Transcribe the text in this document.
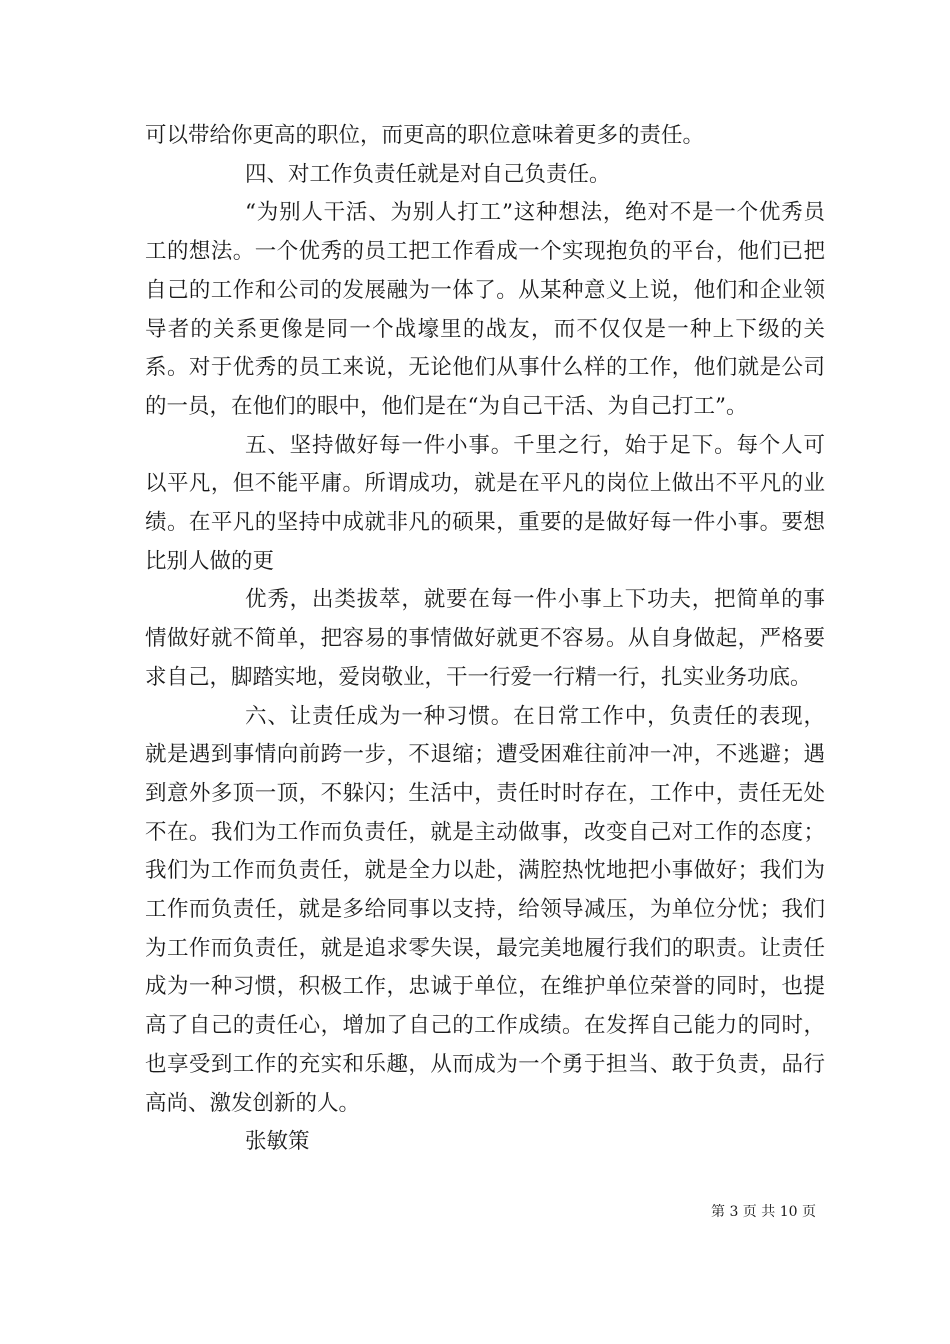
可以带给你更高的职位，而更高的职位意味着更多的责任。

四、对工作负责任就是对自己负责任。

“为别人干活、为别人打工”这种想法，绝对不是一个优秀员工的想法。一个优秀的员工把工作看成一个实现抱负的平台，他们已把自己的工作和公司的发展融为一体了。从某种意义上说，他们和企业领导者的关系更像是同一个战壕里的战友，而不仅仅是一种上下级的关系。对于优秀的员工来说，无论他们从事什么样的工作，他们就是公司的一员，在他们的眼中，他们是在“为自己干活、为自己打工”。

五、坚持做好每一件小事。千里之行，始于足下。每个人可以平凡，但不能平庸。所谓成功，就是在平凡的岗位上做出不平凡的业绩。在平凡的坚持中成就非凡的硕果，重要的是做好每一件小事。要想比别人做的更

优秀，出类拔萃，就要在每一件小事上下功夫，把简单的事情做好就不简单，把容易的事情做好就更不容易。从自身做起，严格要求自己，脚踏实地，爱岗敬业，干一行爱一行精一行，扎实业务功底。

六、让责任成为一种习惯。在日常工作中，负责任的表现，就是遇到事情向前跨一步，不退缩；遭受困难往前冲一冲，不逃避；遇到意外多顶一顶，不躲闪；生活中，责任时时存在，工作中，责任无处不在。我们为工作而负责任，就是主动做事，改变自己对工作的态度；我们为工作而负责任，就是全力以赴，满腔热忱地把小事做好；我们为工作而负责任，就是多给同事以支持，给领导减压，为单位分忧；我们为工作而负责任，就是追求零失误，最完美地履行我们的职责。让责任成为一种习惯，积极工作，忠诚于单位，在维护单位荣誉的同时，也提高了自己的责任心，增加了自己的工作成绩。在发挥自己能力的同时，也享受到工作的充实和乐趣，从而成为一个勇于担当、敢于负责，品行高尚、激发创新的人。

张敏策

第 3 页 共 10 页
